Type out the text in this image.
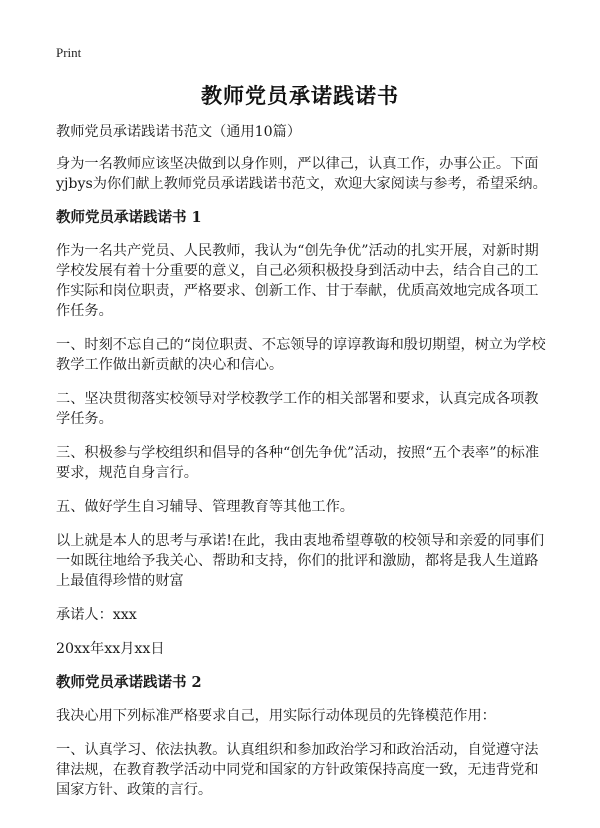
Print
教师党员承诺践诺书

教师党员承诺践诺书范文（通用10篇）

身为一名教师应该坚决做到以身作则，严以律己，认真工作，办事公正。下面yjbys为你们献上教师党员承诺践诺书范文，欢迎大家阅读与参考，希望采纳。

教师党员承诺践诺书 1

作为一名共产党员、人民教师，我认为“创先争优”活动的扎实开展，对新时期学校发展有着十分重要的意义，自己必须积极投身到活动中去，结合自己的工作实际和岗位职责，严格要求、创新工作、甘于奉献，优质高效地完成各项工作任务。

一、时刻不忘自己的“岗位职责、不忘领导的谆谆教诲和殷切期望，树立为学校教学工作做出新贡献的决心和信心。

二、坚决贯彻落实校领导对学校教学工作的相关部署和要求，认真完成各项教学任务。

三、积极参与学校组织和倡导的各种“创先争优”活动，按照“五个表率”的标准要求，规范自身言行。

五、做好学生自习辅导、管理教育等其他工作。

以上就是本人的思考与承诺!在此，我由衷地希望尊敬的校领导和亲爱的同事们一如既往地给予我关心、帮助和支持，你们的批评和激励，都将是我人生道路上最值得珍惜的财富

承诺人：xxx

20xx年xx月xx日

教师党员承诺践诺书 2

我决心用下列标准严格要求自己，用实际行动体现员的先锋模范作用：

一、认真学习、依法执教。认真组织和参加政治学习和政治活动，自觉遵守法律法规，在教育教学活动中同党和国家的方针政策保持高度一致，无违背党和国家方针、政策的言行。
